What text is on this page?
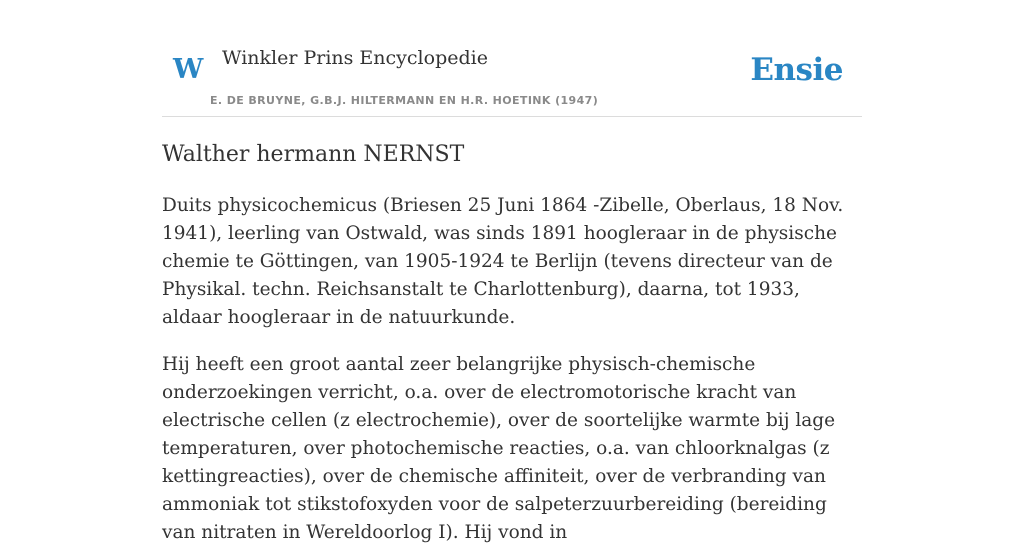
W Winkler Prins Encyclopedie
E. DE BRUYNE, G.B.J. HILTERMANN EN H.R. HOETINK (1947)
Ensie
Walther hermann NERNST

Duits physicochemicus (Briesen 25 Juni 1864 -Zibelle, Oberlaus, 18 Nov. 1941), leerling van Ostwald, was sinds 1891 hoogleraar in de physische chemie te Göttingen, van 1905-1924 te Berlijn (tevens directeur van de Physikal. techn. Reichsanstalt te Charlottenburg), daarna, tot 1933, aldaar hoogleraar in de natuurkunde.

Hij heeft een groot aantal zeer belangrijke physisch-chemische onderzoekingen verricht, o.a. over de electromotorische kracht van electrische cellen (z electrochemie), over de soortelijke warmte bij lage temperaturen, over photochemische reacties, o.a. van chloorknalgas (z kettingreacties), over de chemische affiniteit, over de verbranding van ammoniak tot stikstofoxyden voor de salpeterzuurbereiding (bereiding van nitraten in Wereldoorlog I). Hij vond in
